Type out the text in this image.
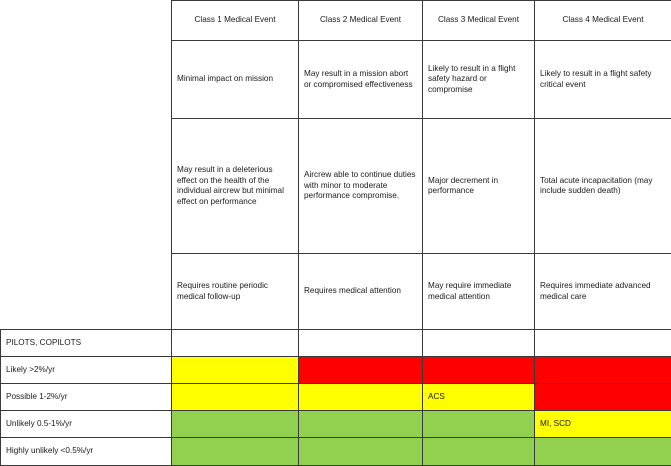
	Class 1 Medical Event	Class 2 Medical Event	Class 3 Medical Event	Class 4 Medical Event
	Minimal impact on mission	May result in a mission abort or compromised effectiveness	Likely to result in a flight safety hazard or compromise	Likely to result in a flight safety critical event
	May result in a deleterious effect on the health of the individual aircrew but minimal effect on performance	Aircrew able to continue duties with minor to moderate performance compromise.	Major decrement in performance	Total acute incapacitation (may include sudden death)
	Requires routine periodic medical follow-up	Requires medical attention	May require immediate medical attention	Requires immediate advanced medical care
PILOTS, COPILOTS				
Likely >2%/yr				
Possible 1-2%/yr			ACS	
Unlikely 0.5-1%/yr				MI, SCD
Highly unlikely <0.5%/yr				
